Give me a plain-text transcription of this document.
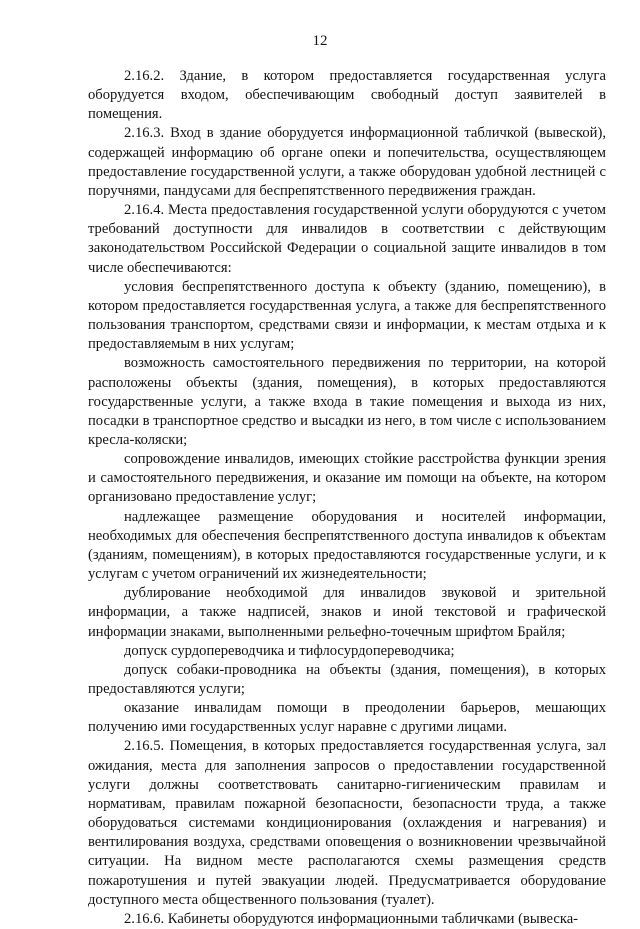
12

2.16.2. Здание, в котором предоставляется государственная услуга оборудуется входом, обеспечивающим свободный доступ заявителей в помещения.

2.16.3. Вход в здание оборудуется информационной табличкой (вывеской), содержащей информацию об органе опеки и попечительства, осуществляющем предоставление государственной услуги, а также оборудован удобной лестницей с поручнями, пандусами для беспрепятственного передвижения граждан.

2.16.4. Места предоставления государственной услуги оборудуются с учетом требований доступности для инвалидов в соответствии с действующим законодательством Российской Федерации о социальной защите инвалидов в том числе обеспечиваются:

условия беспрепятственного доступа к объекту (зданию, помещению), в котором предоставляется государственная услуга, а также для беспрепятственного пользования транспортом, средствами связи и информации, к местам отдыха и к предоставляемым в них услугам;

возможность самостоятельного передвижения по территории, на которой расположены объекты (здания, помещения), в которых предоставляются государственные услуги, а также входа в такие помещения и выхода из них, посадки в транспортное средство и высадки из него, в том числе с использованием кресла-коляски;

сопровождение инвалидов, имеющих стойкие расстройства функции зрения и самостоятельного передвижения, и оказание им помощи на объекте, на котором организовано предоставление услуг;

надлежащее размещение оборудования и носителей информации, необходимых для обеспечения беспрепятственного доступа инвалидов к объектам (зданиям, помещениям), в которых предоставляются государственные услуги, и к услугам с учетом ограничений их жизнедеятельности;

дублирование необходимой для инвалидов звуковой и зрительной информации, а также надписей, знаков и иной текстовой и графической информации знаками, выполненными рельефно-точечным шрифтом Брайля;

допуск сурдопереводчика и тифлосурдопереводчика;

допуск собаки-проводника на объекты (здания, помещения), в которых предоставляются услуги;

оказание инвалидам помощи в преодолении барьеров, мешающих получению ими государственных услуг наравне с другими лицами.

2.16.5. Помещения, в которых предоставляется государственная услуга, зал ожидания, места для заполнения запросов о предоставлении государственной услуги должны соответствовать санитарно-гигиеническим правилам и нормативам, правилам пожарной безопасности, безопасности труда, а также оборудоваться системами кондиционирования (охлаждения и нагревания) и вентилирования воздуха, средствами оповещения о возникновении чрезвычайной ситуации. На видном месте располагаются схемы размещения средств пожаротушения и путей эвакуации людей. Предусматривается оборудование доступного места общественного пользования (туалет).

2.16.6. Кабинеты оборудуются информационными табличками (вывеска-
